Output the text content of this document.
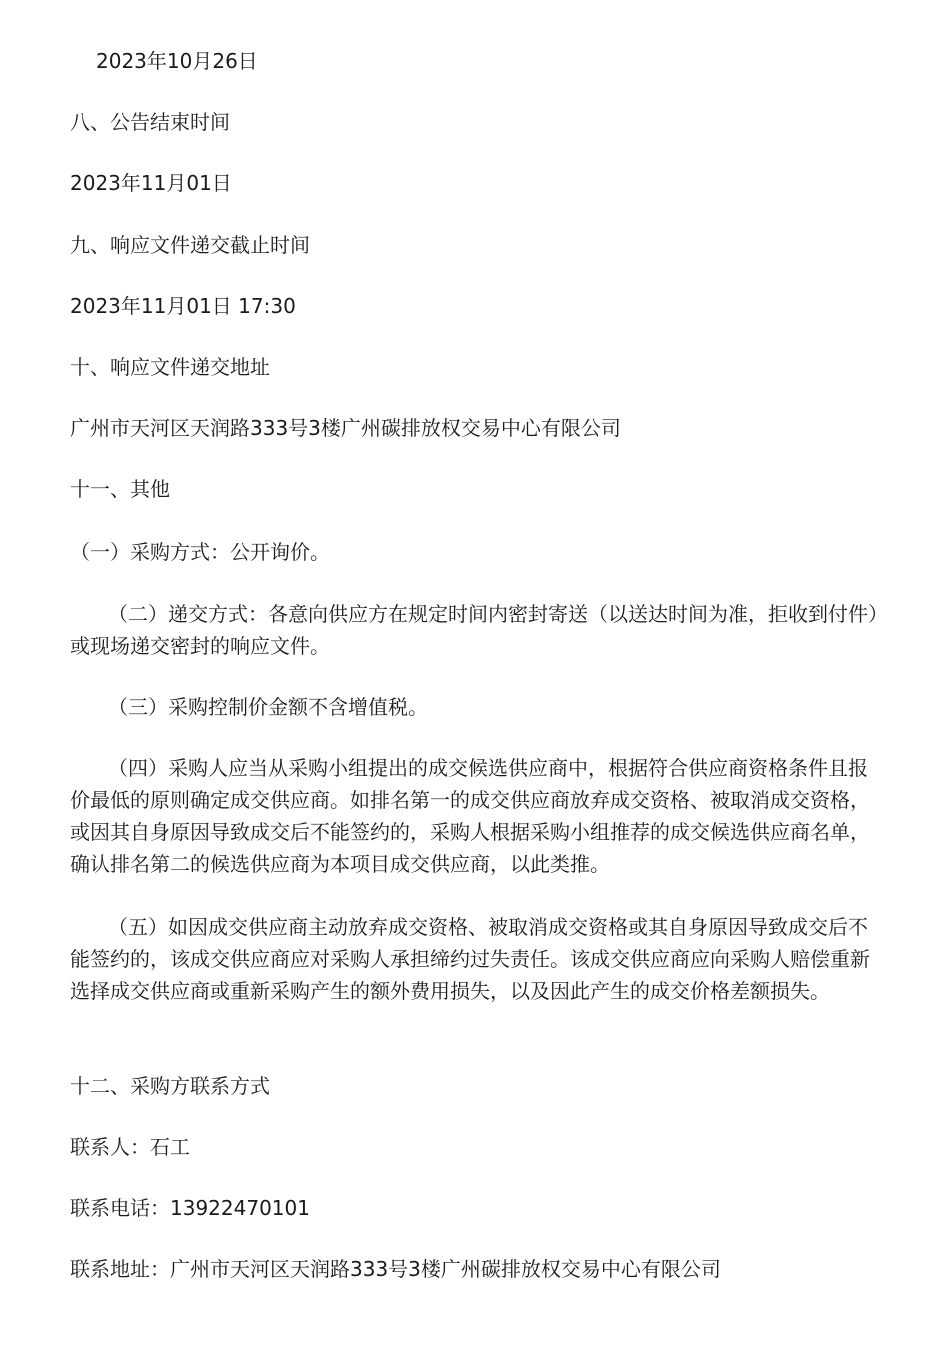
2023年10月26日

八、公告结束时间

2023年11月01日

九、响应文件递交截止时间

2023年11月01日 17:30

十、响应文件递交地址

广州市天河区天润路333号3楼广州碳排放权交易中心有限公司

十一、其他

（一）采购方式：公开询价。

（二）递交方式：各意向供应方在规定时间内密封寄送（以送达时间为准，拒收到付件）或现场递交密封的响应文件。

（三）采购控制价金额不含增值税。

（四）采购人应当从采购小组提出的成交候选供应商中，根据符合供应商资格条件且报价最低的原则确定成交供应商。如排名第一的成交供应商放弃成交资格、被取消成交资格，或因其自身原因导致成交后不能签约的，采购人根据采购小组推荐的成交候选供应商名单，确认排名第二的候选供应商为本项目成交供应商，以此类推。

（五）如因成交供应商主动放弃成交资格、被取消成交资格或其自身原因导致成交后不能签约的，该成交供应商应对采购人承担缔约过失责任。该成交供应商应向采购人赔偿重新选择成交供应商或重新采购产生的额外费用损失，以及因此产生的成交价格差额损失。

十二、采购方联系方式

联系人：石工

联系电话：13922470101

联系地址：广州市天河区天润路333号3楼广州碳排放权交易中心有限公司
